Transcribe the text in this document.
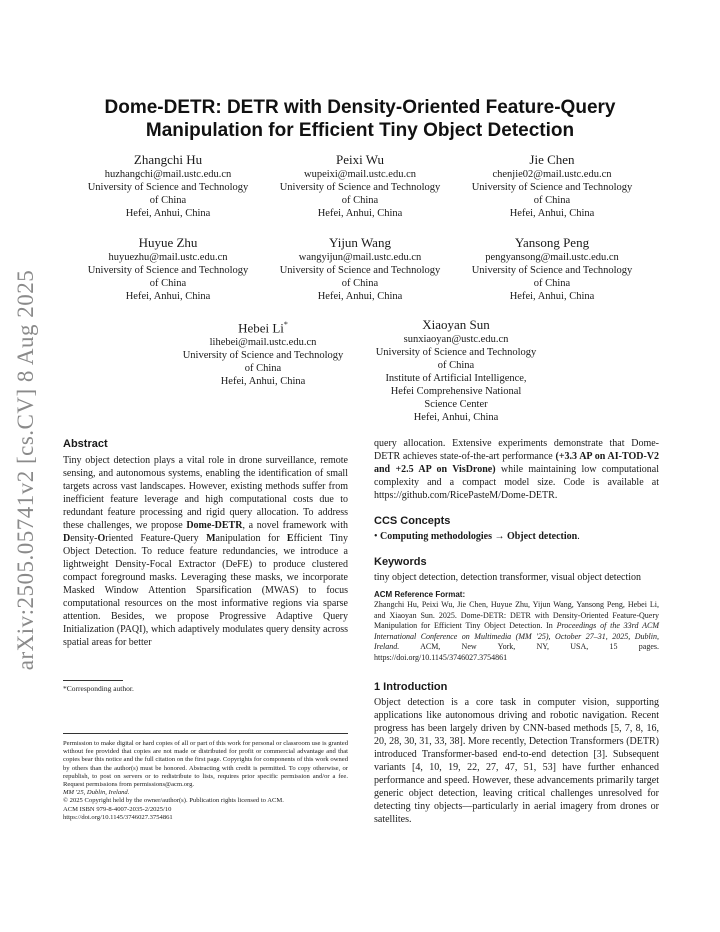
arXiv:2505.05741v2 [cs.CV] 8 Aug 2025
Dome-DETR: DETR with Density-Oriented Feature-Query
Manipulation for Efficient Tiny Object Detection
Zhangchi Hu
huzhangchi@mail.ustc.edu.cn
University of Science and Technology
of China
Hefei, Anhui, China
Peixi Wu
wupeixi@mail.ustc.edu.cn
University of Science and Technology
of China
Hefei, Anhui, China
Jie Chen
chenjie02@mail.ustc.edu.cn
University of Science and Technology
of China
Hefei, Anhui, China
Huyue Zhu
huyuezhu@mail.ustc.edu.cn
University of Science and Technology
of China
Hefei, Anhui, China
Yijun Wang
wangyijun@mail.ustc.edu.cn
University of Science and Technology
of China
Hefei, Anhui, China
Yansong Peng
pengyansong@mail.ustc.edu.cn
University of Science and Technology
of China
Hefei, Anhui, China
Hebei Li*
lihebei@mail.ustc.edu.cn
University of Science and Technology
of China
Hefei, Anhui, China
Xiaoyan Sun
sunxiaoyan@ustc.edu.cn
University of Science and Technology
of China
Institute of Artificial Intelligence,
Hefei Comprehensive National
Science Center
Hefei, Anhui, China
Abstract
Tiny object detection plays a vital role in drone surveillance, remote sensing, and autonomous systems, enabling the identification of small targets across vast landscapes. However, existing methods suffer from inefficient feature leverage and high computational costs due to redundant feature processing and rigid query allocation. To address these challenges, we propose Dome-DETR, a novel framework with Density-Oriented Feature-Query Manipulation for Efficient Tiny Object Detection. To reduce feature redundancies, we introduce a lightweight Density-Focal Extractor (DeFE) to produce clustered compact foreground masks. Leveraging these masks, we incorporate Masked Window Attention Sparsification (MWAS) to focus computational resources on the most informative regions via sparse attention. Besides, we propose Progressive Adaptive Query Initialization (PAQI), which adaptively modulates query density across spatial areas for better
*Corresponding author.
Permission to make digital or hard copies of all or part of this work for personal or classroom use is granted without fee provided that copies are not made or distributed for profit or commercial advantage and that copies bear this notice and the full citation on the first page. Copyrights for components of this work owned by others than the author(s) must be honored. Abstracting with credit is permitted. To copy otherwise, or republish, to post on servers or to redistribute to lists, requires prior specific permission and/or a fee. Request permissions from permissions@acm.org.
MM '25, Dublin, Ireland.
© 2025 Copyright held by the owner/author(s). Publication rights licensed to ACM.
ACM ISBN 979-8-4007-2035-2/2025/10
https://doi.org/10.1145/3746027.3754861
query allocation. Extensive experiments demonstrate that Dome-DETR achieves state-of-the-art performance (+3.3 AP on AI-TOD-V2 and +2.5 AP on VisDrone) while maintaining low computational complexity and a compact model size. Code is available at https://github.com/RicePasteM/Dome-DETR.
CCS Concepts
• Computing methodologies → Object detection.
Keywords
tiny object detection, detection transformer, visual object detection
ACM Reference Format:
Zhangchi Hu, Peixi Wu, Jie Chen, Huyue Zhu, Yijun Wang, Yansong Peng, Hebei Li, and Xiaoyan Sun. 2025. Dome-DETR: DETR with Density-Oriented Feature-Query Manipulation for Efficient Tiny Object Detection. In Proceedings of the 33rd ACM International Conference on Multimedia (MM '25), October 27–31, 2025, Dublin, Ireland. ACM, New York, NY, USA, 15 pages. https://doi.org/10.1145/3746027.3754861
1 Introduction
Object detection is a core task in computer vision, supporting applications like autonomous driving and robotic navigation. Recent progress has been largely driven by CNN-based methods [5, 7, 8, 16, 20, 28, 30, 31, 33, 38]. More recently, Detection Transformers (DETR) introduced Transformer-based end-to-end detection [3]. Subsequent variants [4, 10, 19, 22, 27, 47, 51, 53] have further enhanced performance and speed. However, these advancements primarily target generic object detection, leaving critical challenges unresolved for detecting tiny objects—particularly in aerial imagery from drones or satellites.
